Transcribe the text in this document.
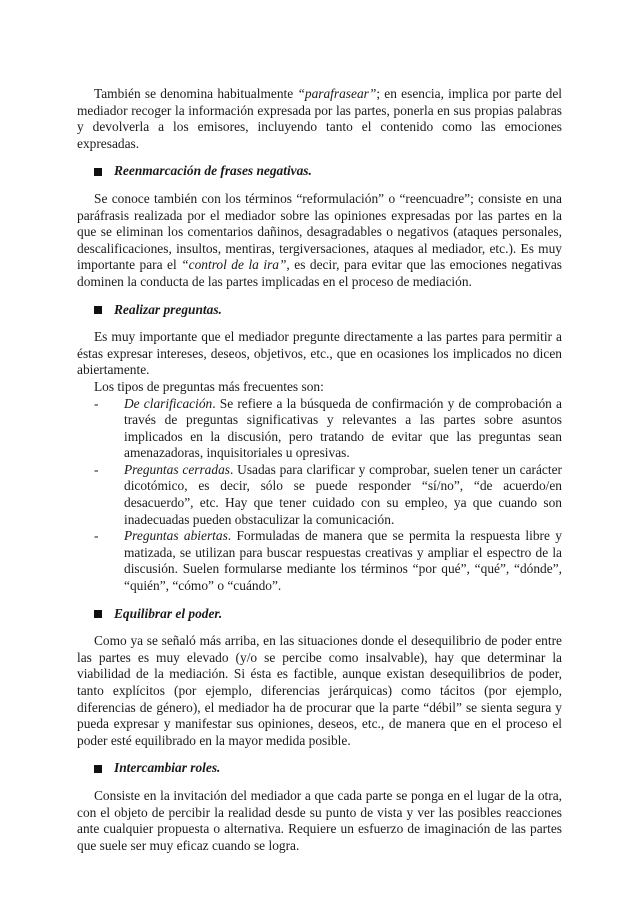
También se denomina habitualmente “parafrasear”; en esencia, implica por parte del mediador recoger la información expresada por las partes, ponerla en sus propias palabras y devolverla a los emisores, incluyendo tanto el contenido como las emociones expresadas.

Reenmarcación de frases negativas.

Se conoce también con los términos “reformulación” o “reencuadre”; consiste en una paráfrasis realizada por el mediador sobre las opiniones expresadas por las partes en la que se eliminan los comentarios dañinos, desagradables o negativos (ataques personales, descalificaciones, insultos, mentiras, tergiversaciones, ataques al mediador, etc.). Es muy importante para el “control de la ira”, es decir, para evitar que las emociones negativas dominen la conducta de las partes implicadas en el proceso de mediación.

Realizar preguntas.

Es muy importante que el mediador pregunte directamente a las partes para permitir a éstas expresar intereses, deseos, objetivos, etc., que en ocasiones los implicados no dicen abiertamente.

Los tipos de preguntas más frecuentes son:

-	De clarificación. Se refiere a la búsqueda de confirmación y de comprobación a través de preguntas significativas y relevantes a las partes sobre asuntos implicados en la discusión, pero tratando de evitar que las preguntas sean amenazadoras, inquisitoriales u opresivas.
-	Preguntas cerradas. Usadas para clarificar y comprobar, suelen tener un carácter dicotómico, es decir, sólo se puede responder “sí/no”, “de acuerdo/en desacuerdo”, etc. Hay que tener cuidado con su empleo, ya que cuando son inadecuadas pueden obstaculizar la comunicación.
-	Preguntas abiertas. Formuladas de manera que se permita la respuesta libre y matizada, se utilizan para buscar respuestas creativas y ampliar el espectro de la discusión. Suelen formularse mediante los términos “por qué”, “qué”, “dónde”, “quién”, “cómo” o “cuándo”.
Equilibrar el poder.

Como ya se señaló más arriba, en las situaciones donde el desequilibrio de poder entre las partes es muy elevado (y/o se percibe como insalvable), hay que determinar la viabilidad de la mediación. Si ésta es factible, aunque existan desequilibrios de poder, tanto explícitos (por ejemplo, diferencias jerárquicas) como tácitos (por ejemplo, diferencias de género), el mediador ha de procurar que la parte “débil” se sienta segura y pueda expresar y manifestar sus opiniones, deseos, etc., de manera que en el proceso el poder esté equilibrado en la mayor medida posible.

Intercambiar roles.

Consiste en la invitación del mediador a que cada parte se ponga en el lugar de la otra, con el objeto de percibir la realidad desde su punto de vista y ver las posibles reacciones ante cualquier propuesta o alternativa. Requiere un esfuerzo de imaginación de las partes que suele ser muy eficaz cuando se logra.
